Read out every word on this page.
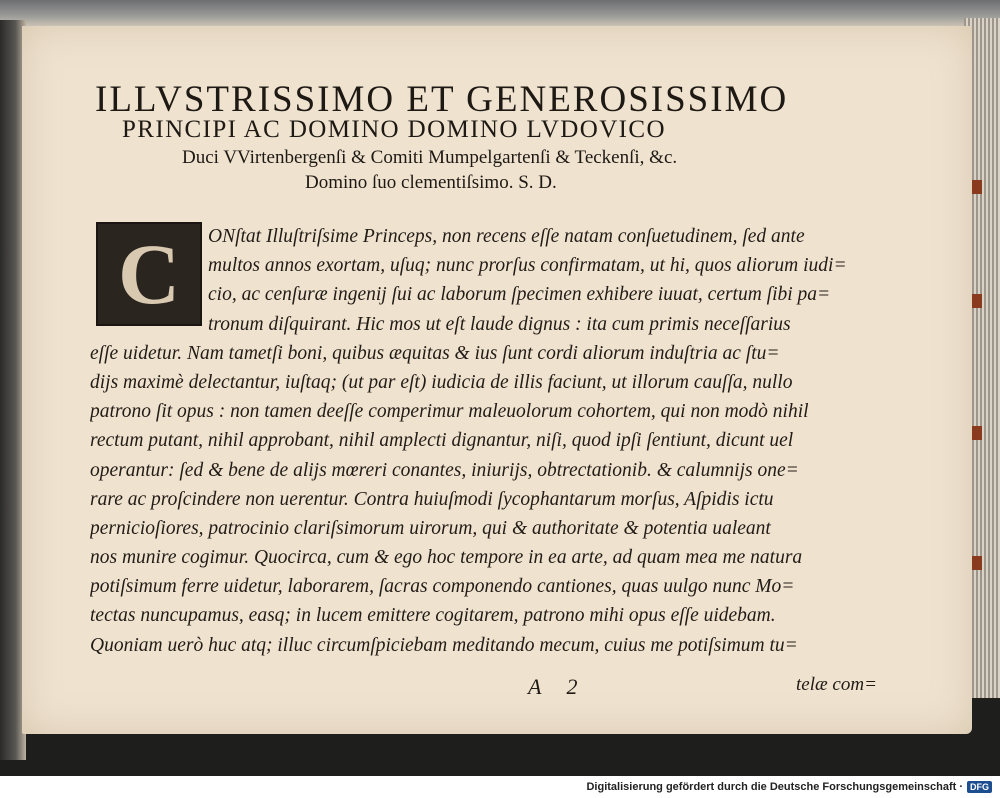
ILLVSTRISSIMO ET GENEROSISSIMO
PRINCIPI AC DOMINO DOMINO LVDOVICO
Duci VVirtenbergenſi & Comiti Mumpelgartenſi & Teckenſi, &c.
Domino ſuo clementiſsimo. S. D.
C	ONſtat Illuſtriſsime Princeps, non recens eſſe natam conſuetudinem, ſed ante
multos annos exortam, uſuq; nunc prorſus confirmatam, ut hi, quos aliorum iudi=
cio, ac cenſuræ ingenij ſui ac laborum ſpecimen exhibere iuuat, certum ſibi pa=
tronum diſquirant. Hic mos ut eſt laude dignus : ita cum primis neceſſarius
eſſe uidetur. Nam tametſi boni, quibus æquitas & ius ſunt cordi aliorum induſtria ac ſtu=
dijs maximè delectantur, iuſtaq; (ut par eſt) iudicia de illis faciunt, ut illorum cauſſa, nullo
patrono ſit opus : non tamen deeſſe comperimur maleuolorum cohortem, qui non modò nihil
rectum putant, nihil approbant, nihil amplecti dignantur, niſi, quod ipſi ſentiunt, dicunt uel
operantur: ſed & bene de alijs mœreri conantes, iniurijs, obtrectationib. & calumnijs one=
rare ac proſcindere non uerentur. Contra huiuſmodi ſycophantarum morſus, Aſpidis ictu
pernicioſiores, patrocinio clariſsimorum uirorum, qui & authoritate & potentia ualeant
nos munire cogimur. Quocirca, cum & ego hoc tempore in ea arte, ad quam mea me natura
potiſsimum ferre uidetur, laborarem, ſacras componendo cantiones, quas uulgo nunc Mo=
tectas nuncupamus, easq; in lucem emittere cogitarem, patrono mihi opus eſſe uidebam.
Quoniam uerò huc atq; illuc circumſpiciebam meditando mecum, cuius me potiſsimum tu=
A 2	telæ com=
Digitalisierung gefördert durch die Deutsche Forschungsgemeinschaft · DFG
